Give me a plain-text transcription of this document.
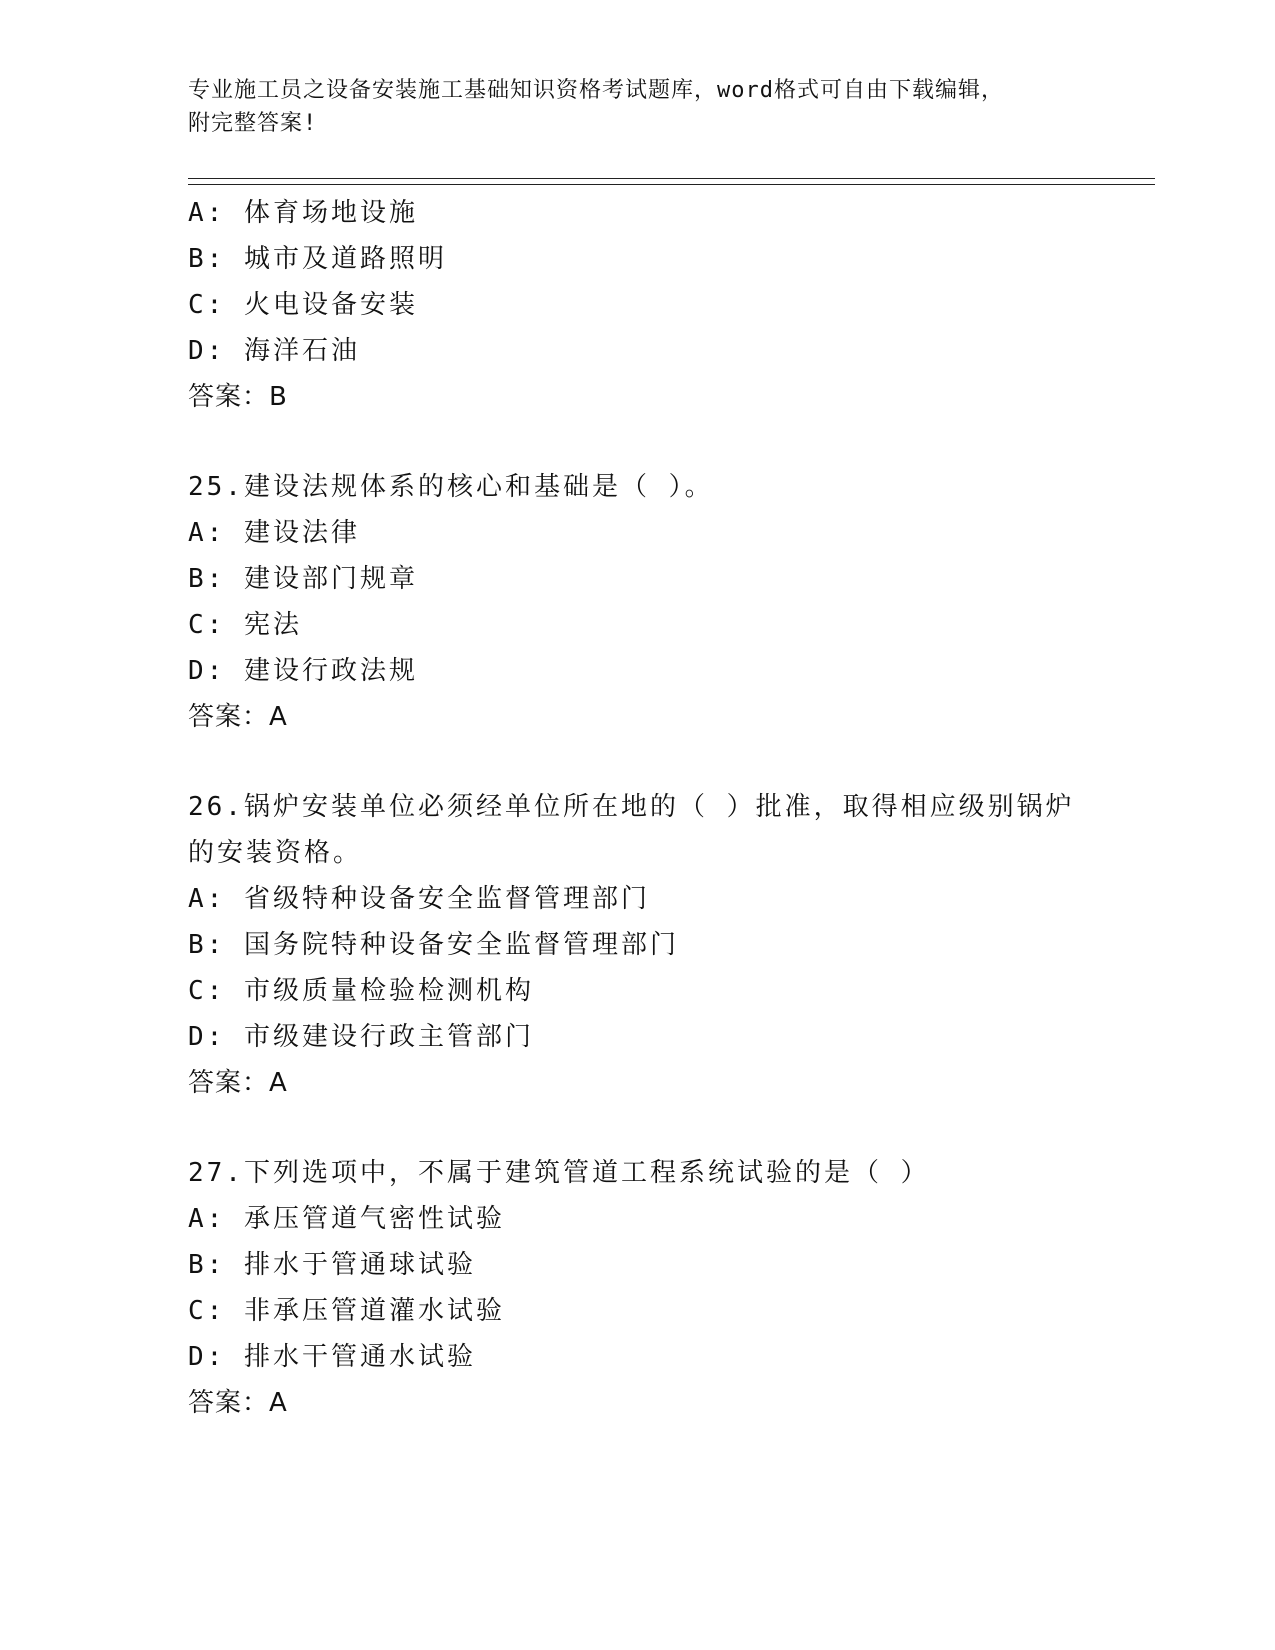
专业施工员之设备安装施工基础知识资格考试题库，word格式可自由下载编辑，
附完整答案!
A: 体育场地设施
B: 城市及道路照明
C: 火电设备安装
D: 海洋石油
答案：B
25.建设法规体系的核心和基础是（ ）。
A: 建设法律
B: 建设部门规章
C: 宪法
D: 建设行政法规
答案：A
26.锅炉安装单位必须经单位所在地的（ ）批准，取得相应级别锅炉的安装资格。
A: 省级特种设备安全监督管理部门
B: 国务院特种设备安全监督管理部门
C: 市级质量检验检测机构
D: 市级建设行政主管部门
答案：A
27.下列选项中，不属于建筑管道工程系统试验的是（ ）
A: 承压管道气密性试验
B: 排水于管通球试验
C: 非承压管道灌水试验
D: 排水干管通水试验
答案：A
